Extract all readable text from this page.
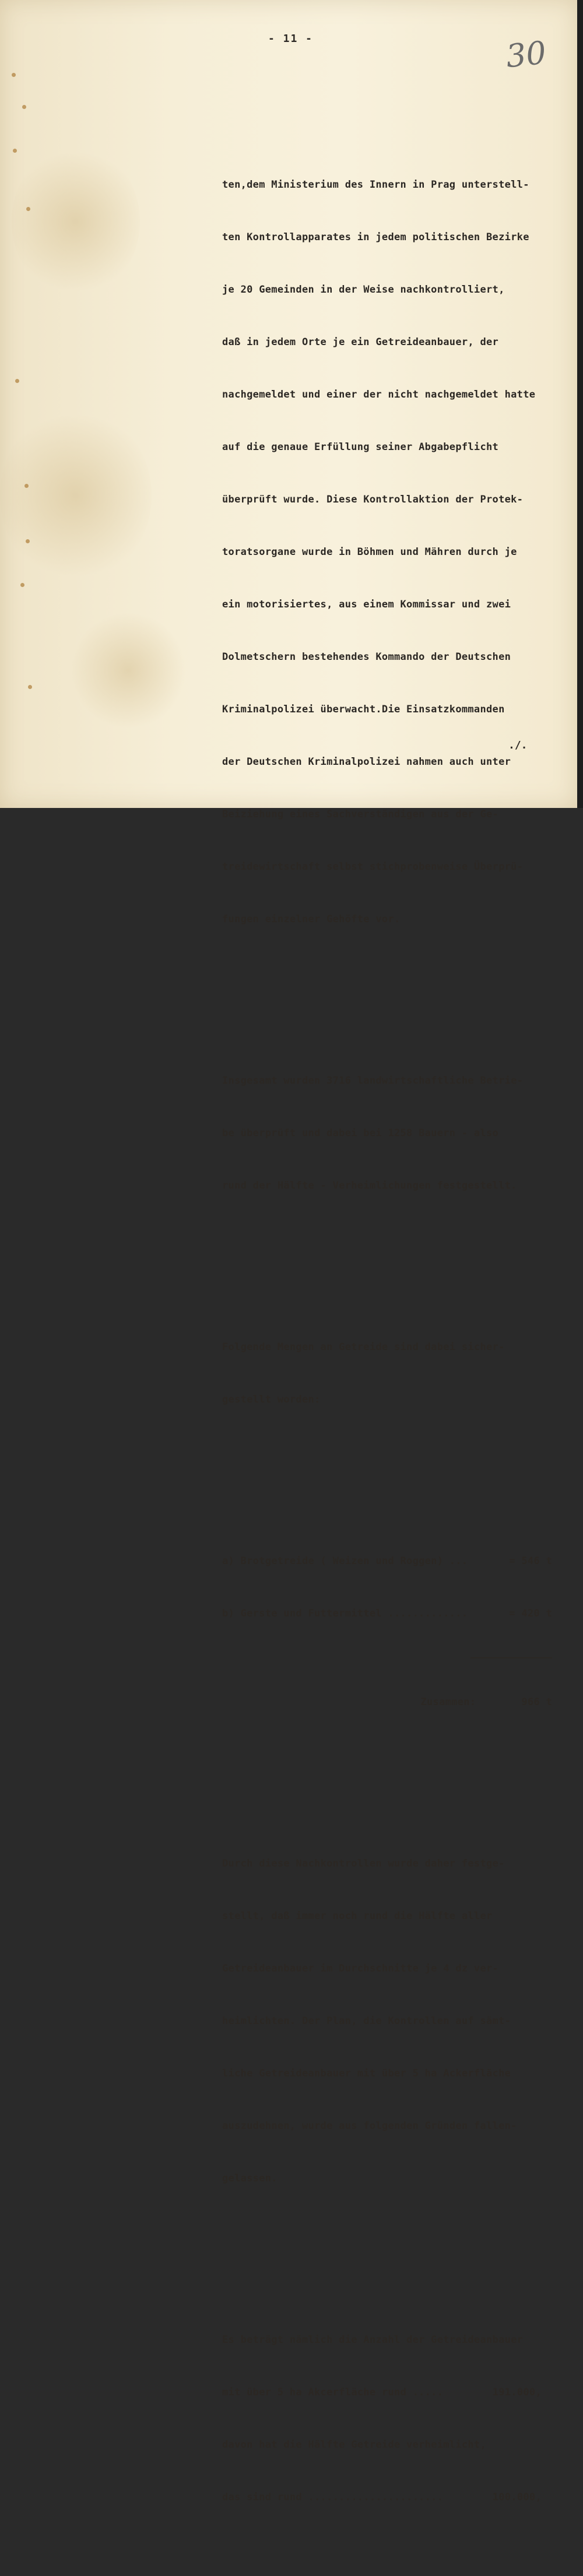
- 11 -	30

ten,dem Ministerium des Innern in Prag unterstell-

ten Kontrollapparates in jedem politischen Bezirke

je 20 Gemeinden in der Weise nachkontrolliert,

daß in jedem Orte je ein Getreideanbauer, der

nachgemeldet und einer der nicht nachgemeldet hatte

auf die genaue Erfüllung seiner Abgabepflicht

überprüft wurde. Diese Kontrollaktion der Protek-

toratsorgane wurde in Böhmen und Mähren durch je

ein motorisiertes, aus einem Kommissar und zwei

Dolmetschern bestehendes Kommando der Deutschen

Kriminalpolizei überwacht.Die Einsatzkommanden

der Deutschen Kriminalpolizei nahmen auch unter

Beiziehung eines Sachverständigen aus der Ge-

treidewirtschaft selbst stichprobenweise Überprü-

fungen einzelner Gehöfte vor.

Insgesamt wurden 3716 landwirtschaftliche Betrie-

be überprüft und dabei bei 1258 Bauern - also

rund der Hälfte - Verheimlichungen festgestellt.

Folgende Mengen an Getreide sind dabei sicher-

gestellt worden:

a) Brotgetreide ( Weizen und Roggen) ...	= 546 t

b) Gerste und Futtermittel .............	= 420 t

Zusammen:	966 t

Durch diese Nachkontrollen wurde daher festge-

stellt, daß immer noch rund die Hälfte aller

Getreideanbauer im Durchschnitte je 4 dz ver-

heimlichten. Der Plan, die Kontrollen auf sämt-

liche Getreideanbauer mit über 5 ha Ackerfläche

auszudehnen, wurde aus folgenden Gründen fallen-

gelassen.

Es beträgt nämlich die Anzahl der Getreideanbauer

mit über 5 ha Akcerfläche rund .....	191.000,

davon hat die Hälfte Getreide verheimlicht,

das sind rund ......................	100.000,

./.
